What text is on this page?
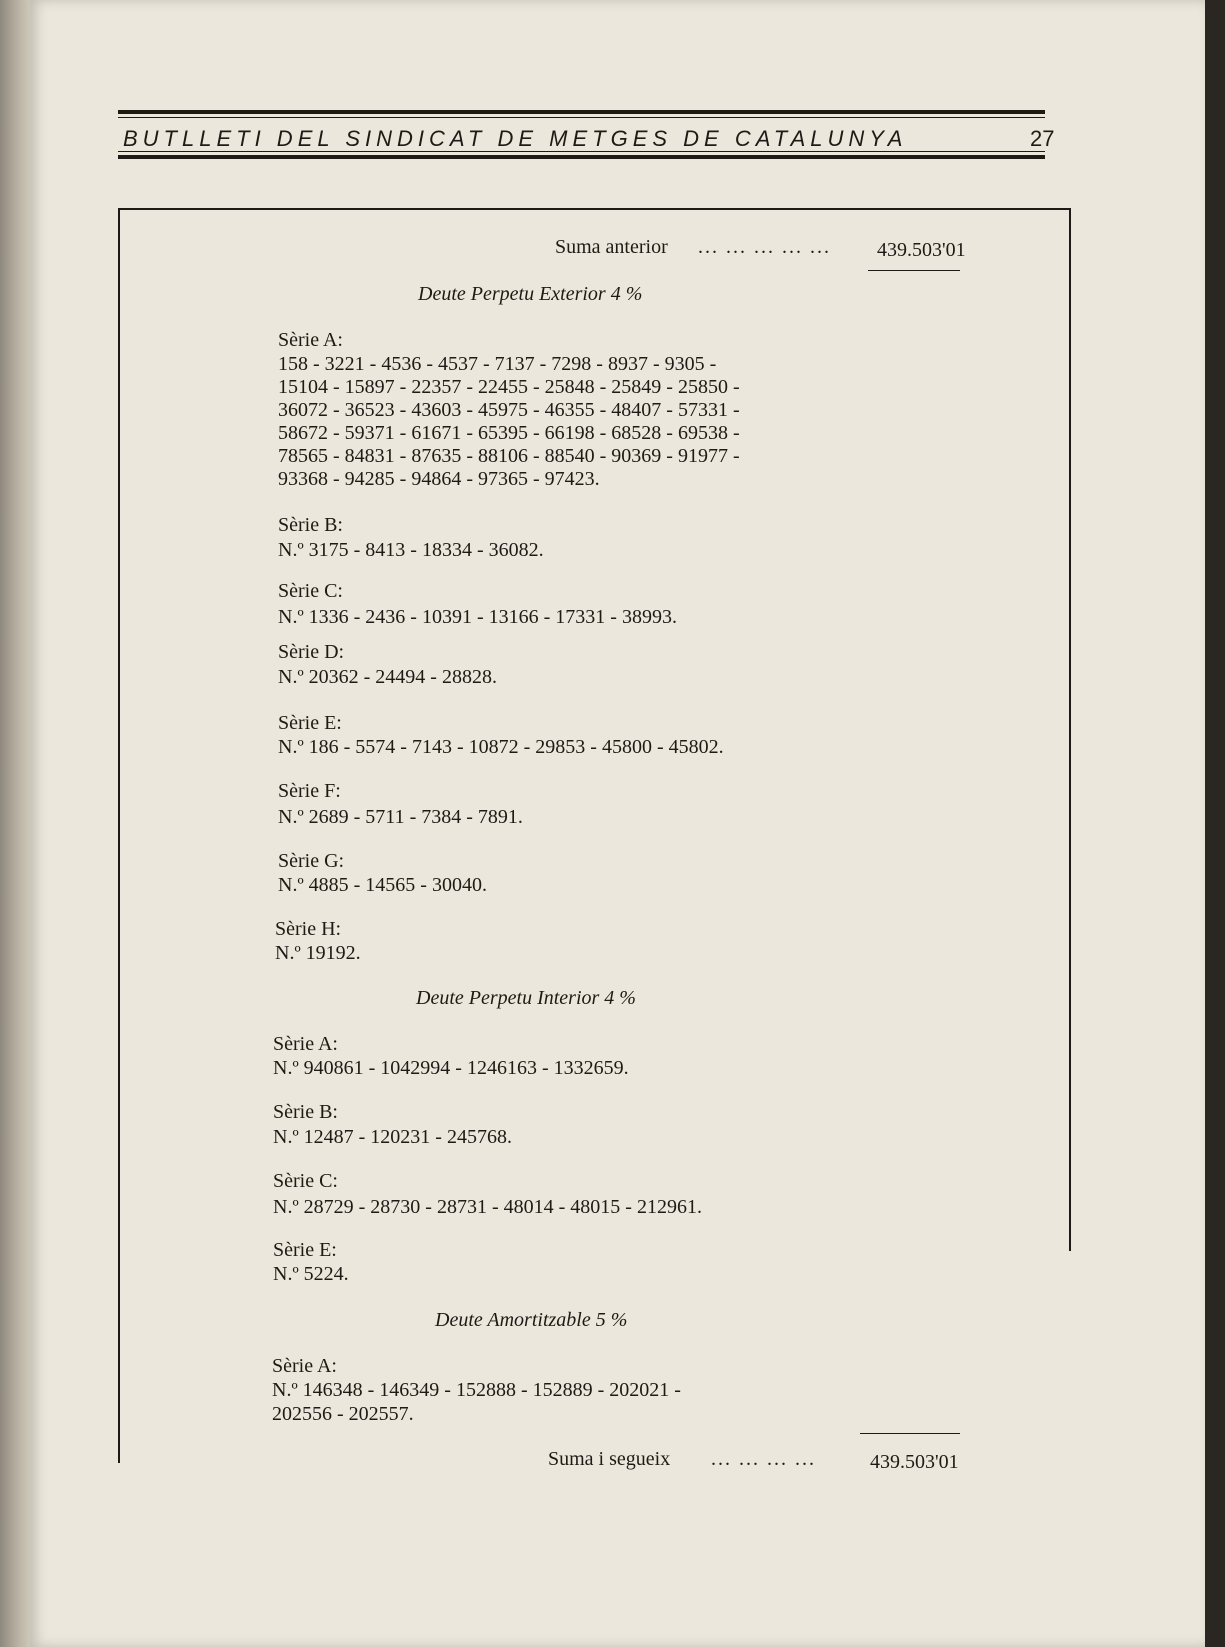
BUTLLETI DEL SINDICAT DE METGES DE CATALUNYA	27
Suma anterior ... ... ... ... ... 439.503'01
Deute Perpetu Exterior 4 %
Sèrie A:
158 - 3221 - 4536 - 4537 - 7137 - 7298 - 8937 - 9305 -
15104 - 15897 - 22357 - 22455 - 25848 - 25849 - 25850 -
36072 - 36523 - 43603 - 45975 - 46355 - 48407 - 57331 -
58672 - 59371 - 61671 - 65395 - 66198 - 68528 - 69538 -
78565 - 84831 - 87635 - 88106 - 88540 - 90369 - 91977 -
93368 - 94285 - 94864 - 97365 - 97423.
Sèrie B:
N.º 3175 - 8413 - 18334 - 36082.
Sèrie C:
N.º 1336 - 2436 - 10391 - 13166 - 17331 - 38993.
Sèrie D:
N.º 20362 - 24494 - 28828.
Sèrie E:
N.º 186 - 5574 - 7143 - 10872 - 29853 - 45800 - 45802.
Sèrie F:
N.º 2689 - 5711 - 7384 - 7891.
Sèrie G:
N.º 4885 - 14565 - 30040.
Sèrie H:
N.º 19192.
Deute Perpetu Interior 4 %
Sèrie A:
N.º 940861 - 1042994 - 1246163 - 1332659.
Sèrie B:
N.º 12487 - 120231 - 245768.
Sèrie C:
N.º 28729 - 28730 - 28731 - 48014 - 48015 - 212961.
Sèrie E:
N.º 5224.
Deute Amortitzable 5 %
Sèrie A:
N.º 146348 - 146349 - 152888 - 152889 - 202021 -
202556 - 202557.
Suma i segueix ... ... ... ...	439.503'01
